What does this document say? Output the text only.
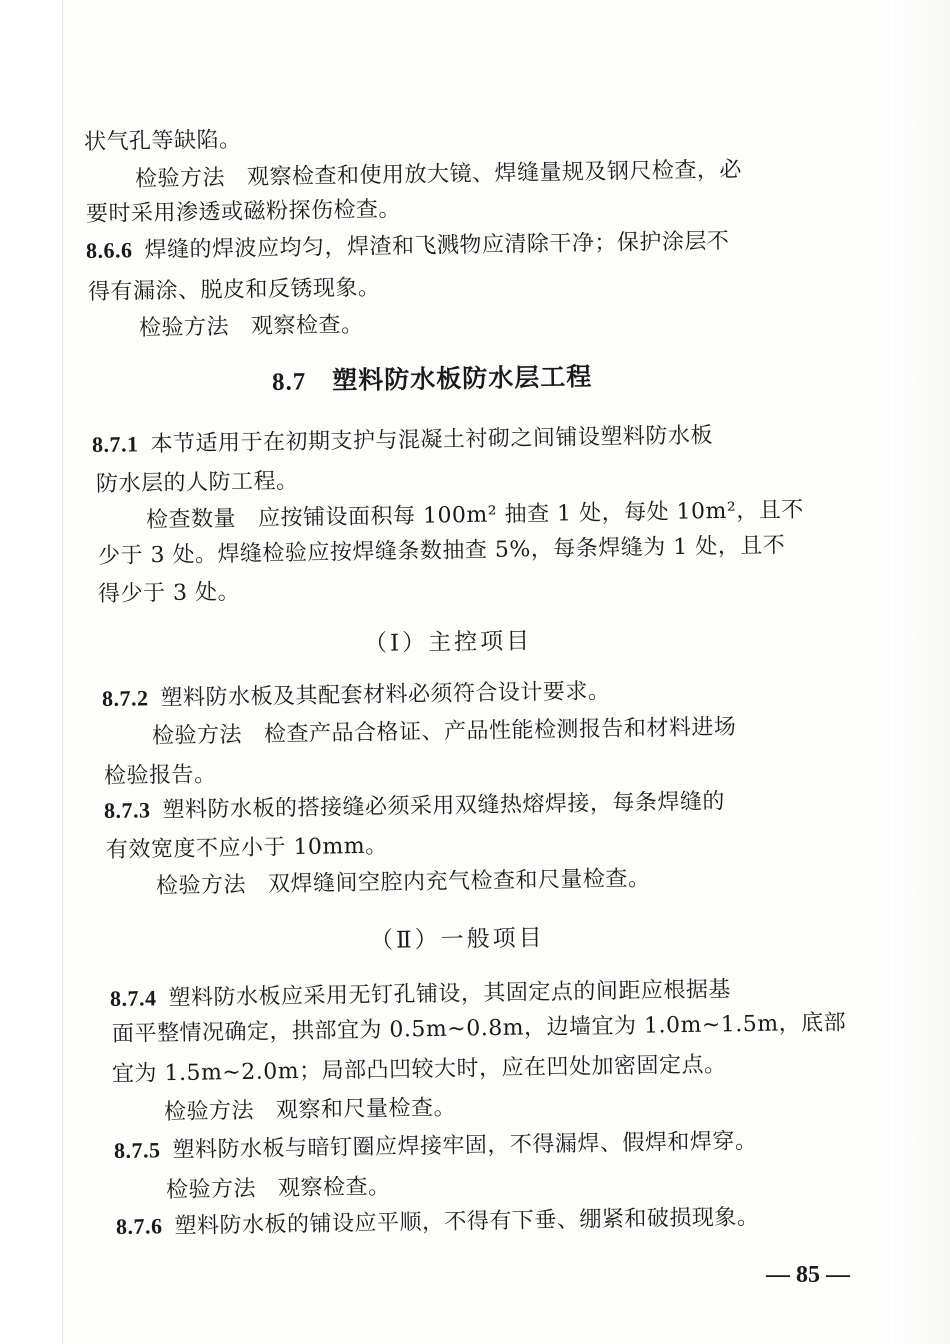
状气孔等缺陷。
检验方法 观察检查和使用放大镜、焊缝量规及钢尺检查，必
要时采用渗透或磁粉探伤检查。
8.6.6 焊缝的焊波应均匀，焊渣和飞溅物应清除干净；保护涂层不
得有漏涂、脱皮和反锈现象。
检验方法 观察检查。
8.7 塑料防水板防水层工程
8.7.1 本节适用于在初期支护与混凝土衬砌之间铺设塑料防水板
防水层的人防工程。
检查数量 应按铺设面积每 100m² 抽查 1 处，每处 10m²，且不
少于 3 处。焊缝检验应按焊缝条数抽查 5%，每条焊缝为 1 处，且不
得少于 3 处。
（Ⅰ）主控项目
8.7.2 塑料防水板及其配套材料必须符合设计要求。
检验方法 检查产品合格证、产品性能检测报告和材料进场
检验报告。
8.7.3 塑料防水板的搭接缝必须采用双缝热熔焊接，每条焊缝的
有效宽度不应小于 10mm。
检验方法 双焊缝间空腔内充气检查和尺量检查。
（Ⅱ）一般项目
8.7.4 塑料防水板应采用无钉孔铺设，其固定点的间距应根据基
面平整情况确定，拱部宜为 0.5m~0.8m，边墙宜为 1.0m~1.5m，底部
宜为 1.5m~2.0m；局部凸凹较大时，应在凹处加密固定点。
检验方法 观察和尺量检查。
8.7.5 塑料防水板与暗钉圈应焊接牢固，不得漏焊、假焊和焊穿。
检验方法 观察检查。
8.7.6 塑料防水板的铺设应平顺，不得有下垂、绷紧和破损现象。
— 85 —
